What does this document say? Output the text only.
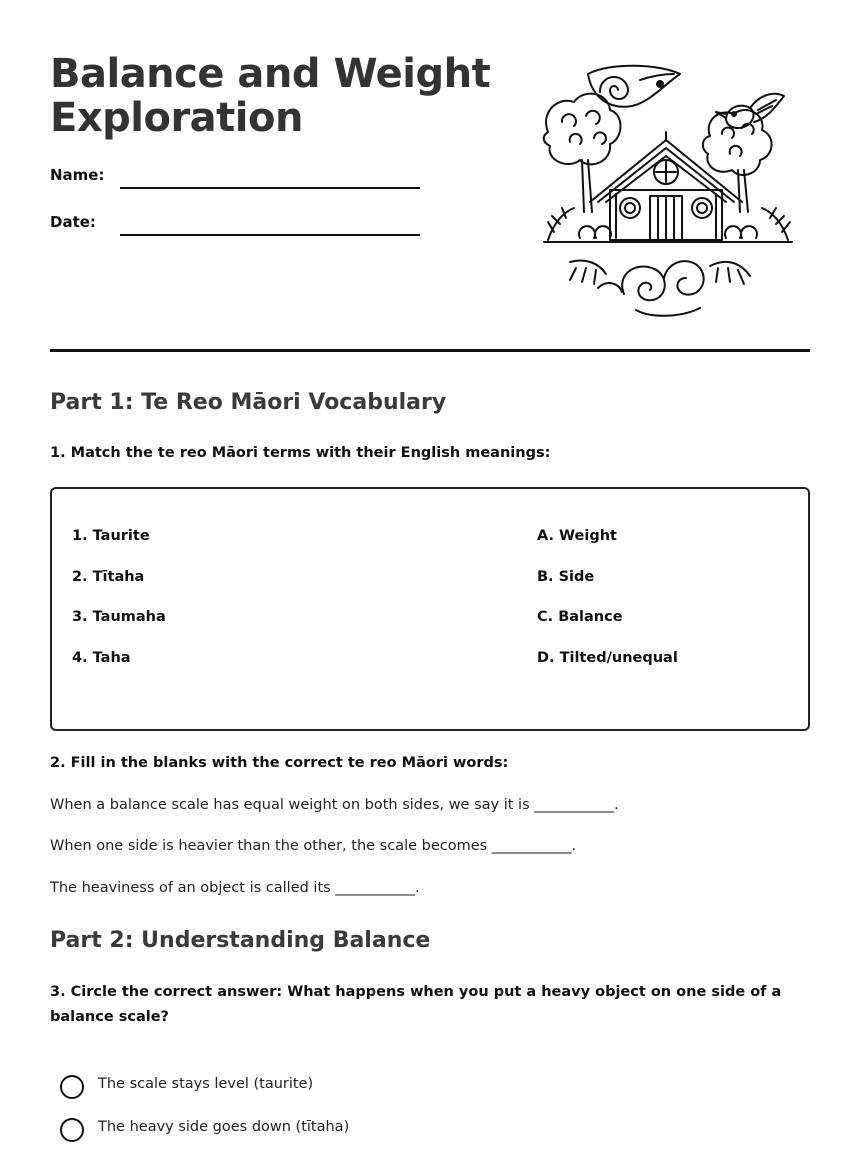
Balance and Weight Exploration
Name:
Date:
Part 1: Te Reo Māori Vocabulary

1. Match the te reo Māori terms with their English meanings:

1. Taurite
2. Tītaha
3. Taumaha
4. Taha
A. Weight
B. Side
C. Balance
D. Tilted/unequal

2. Fill in the blanks with the correct te reo Māori words:

When a balance scale has equal weight on both sides, we say it is ___________.

When one side is heavier than the other, the scale becomes ___________.

The heaviness of an object is called its ___________.

Part 2: Understanding Balance

3. Circle the correct answer: What happens when you put a heavy object on one side of a balance scale?

The scale stays level (taurite)
The heavy side goes down (tītaha)
